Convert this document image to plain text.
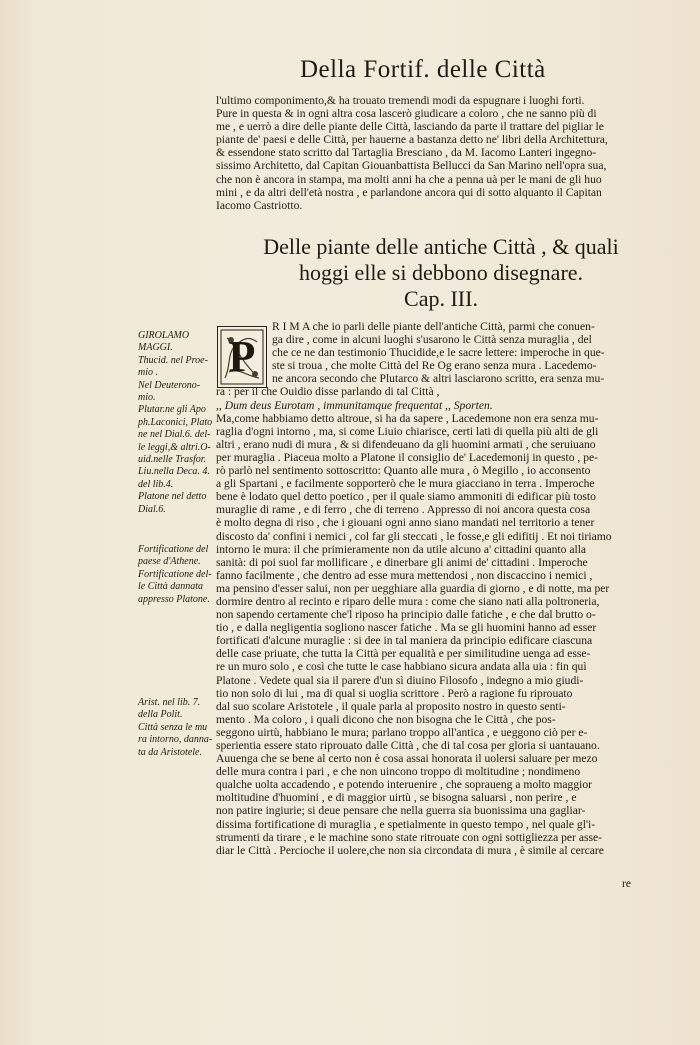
Della Fortif. delle Città
l'ultimo componimento,& ha trouato tremendi modi da espugnare i luoghi forti.
Pure in questa & in ogni altra cosa lascerò giudicare a coloro , che ne sanno più di
me , e uerrò a dire delle piante delle Città, lasciando da parte il trattare del pigliar le
piante de' paesi e delle Città, per hauerne a bastanza detto ne' libri della Architettura,
& essendone stato scritto dal Tartaglia Bresciano , da M. Iacomo Lanteri ingegno-
sissimo Architetto, dal Capitan Giouanbattista Bellucci da San Marino nell'opra sua,
che non è ancora in stampa, ma molti anni ha che a penna uà per le mani de gli huo
mini , e da altri dell'età nostra , e parlandone ancora qui di sotto alquanto il Capitan
Iacomo Castriotto.
Delle piante delle antiche Città , & quali
hoggi elle si debbono disegnare.
Cap. III.
P
R I M A che io parli delle piante dell'antiche Città, parmi che conuen-
ga dire , come in alcuni luoghi s'usarono le Città senza muraglia , del
che ce ne dan testimonio Thucidide,e le sacre lettere: imperoche in que-
ste si troua , che molte Città del Re Og erano senza mura . Lacedemo-
ne ancora secondo che Plutarco & altri lasciarono scritto, era senza mu-
ra : per il che Ouidio disse parlando di tal Città ,
,, Dum deus Eurotam , immunitamque frequentat ,, Sporten.
Ma,come habbiamo detto altroue, si ha da sapere , Lacedemone non era senza mu-
raglia d'ogni intorno , ma, si come Liuio chiarisce, certi lati di quella più alti de gli
altri , erano nudi di mura , & si difendeuano da gli huomini armati , che seruiuano
per muraglia . Piaceua molto a Platone il consiglio de' Lacedemonij in questo , pe-
rò parlò nel sentimento sottoscritto: Quanto alle mura , ò Megillo , io acconsento
a gli Spartani , e facilmente sopporterò che le mura giacciano in terra . Imperoche
bene è lodato quel detto poetico , per il quale siamo ammoniti di edificar più tosto
muraglie di rame , e di ferro , che di terreno . Appresso di noi ancora questa cosa
è molto degna di riso , che i giouani ogni anno siano mandati nel territorio a tener
discosto da' confini i nemici , col far gli steccati , le fosse,e gli edifitij . Et noi tiriamo
intorno le mura: il che primieramente non da utile alcuno a' cittadini quanto alla
sanità: di poi suol far mollificare , e dinerbare gli animi de' cittadini . Imperoche
fanno facilmente , che dentro ad esse mura mettendosi , non discaccino i nemici ,
ma pensino d'esser salui, non per uegghiare alla guardia di giorno , e di notte, ma per
dormire dentro al recinto e riparo delle mura : come che siano nati alla poltroneria,
non sapendo certamente che'l riposo ha principio dalle fatiche , e che dal brutto o-
tio , e dalla negligentia sogliono nascer fatiche . Ma se gli huomini hanno ad esser
fortificati d'alcune muraglie : si dee in tal maniera da principio edificare ciascuna
delle case priuate, che tutta la Città per equalità e per similitudine uenga ad esse-
re un muro solo , e così che tutte le case habbiano sicura andata alla uia : fin quì
Platone . Vedete qual sia il parere d'un sì diuino Filosofo , indegno a mio giudi-
tio non solo di lui , ma di qual si uoglia scrittore . Però a ragione fu riprouato
dal suo scolare Aristotele , il quale parla al proposito nostro in questo senti-
mento . Ma coloro , i quali dicono che non bisogna che le Città , che pos-
seggono uirtù, habbiano le mura; parlano troppo all'antica , e ueggono ciò per e-
sperientia essere stato riprouato dalle Città , che di tal cosa per gloria si uantauano.
Auuenga che se bene al certo non è cosa assai honorata il uolersi saluare per mezo
delle mura contra i pari , e che non uincono troppo di moltitudine ; nondimeno
qualche uolta accadendo , e potendo interuenire , che sopraueng a molto maggior
moltitudine d'huomini , e di maggior uirtù , se bisogna saluarsi , non perire , e
non patire ingiurie; si deue pensare che nella guerra sia buonissima una gagliar-
dissima fortificatione di muraglia , e spetialmente in questo tempo , nel quale gl'i-
strumenti da tirare , e le machine sono state ritrouate con ogni sottigliezza per asse-
diar le Città . Percioche il uolere,che non sia circondata di mura , è simile al cercare
re
GIROLAMO
MAGGI.
Thucid. nel Proe-
mio .
Nel Deuterono-
mio.
Plutar.ne gli Apo
ph.Laconici, Plato
ne nel Dial.6. del-
le leggi,& altri.O-
uid.nelle Trasfor.
Liu.nella Deca. 4.
del lib.4.
Platone nel detto
Dial.6.
Fortificatione del
paese d'Athene.
Fortificatione del-
le Città dannata
appresso Platone.
Arist. nel lib. 7.
della Polit.
Città senza le mu
ra intorno, danna-
ta da Aristotele.
